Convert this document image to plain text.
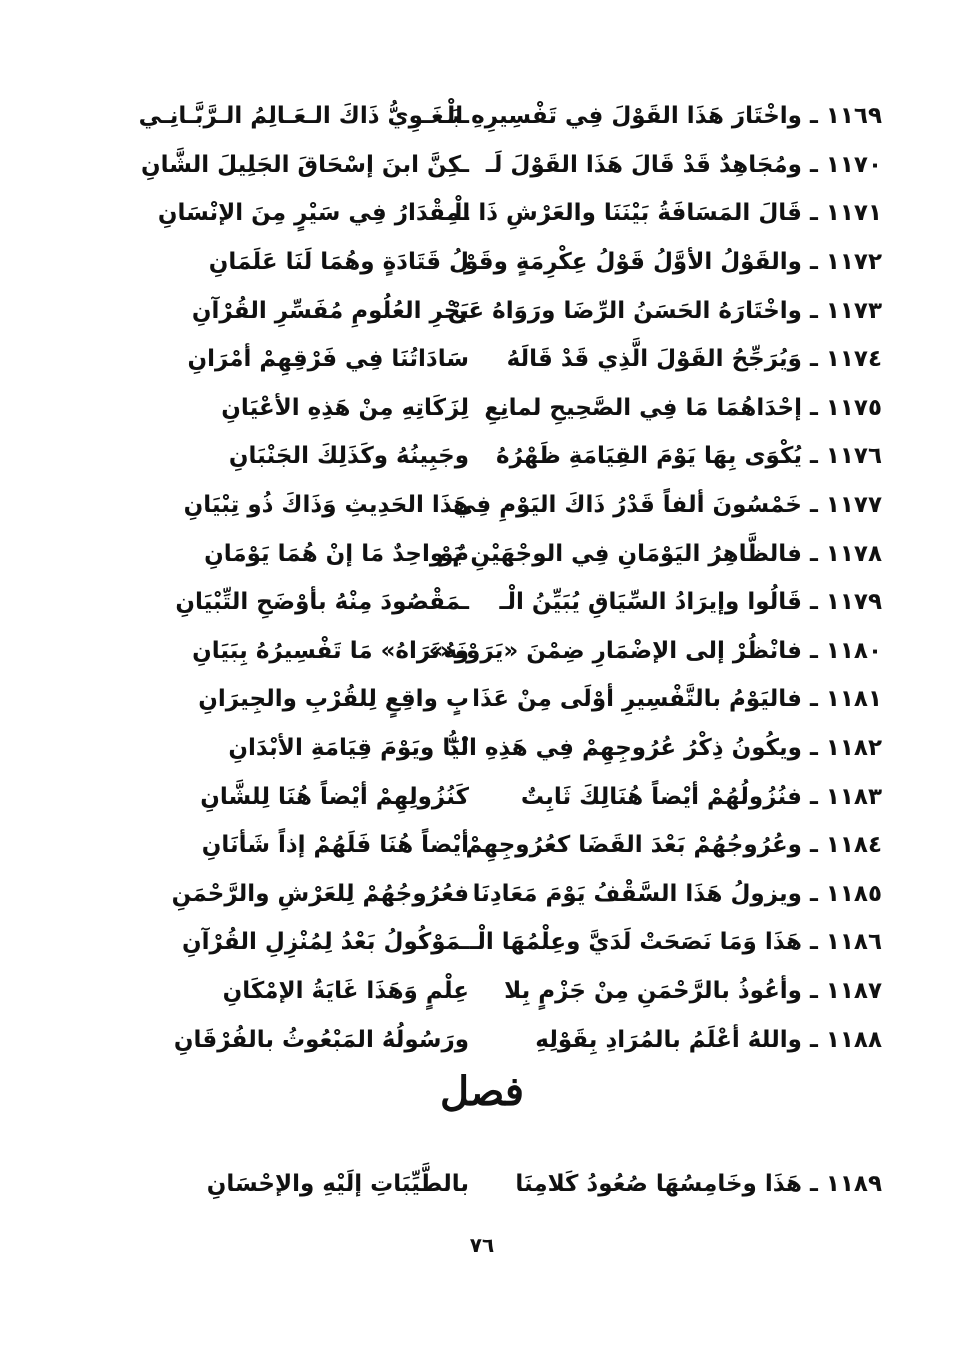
١١٦٩ ـ واخْتَارَ هَذَا القَوْلَ فِي تَفْسِيرِهِ الْـ
ـبَـغَـوِيُّ ذَاكَ الـعَـالِمُ الـرَّبَّـانِـي
١١٧٠ ـ ومُجَاهِدٌ قَدْ قَالَ هَذَا القَوْلَ لَـ
ـكِنَّ ابنَ إسْحَاقَ الجَلِيلَ الشَّانِ
١١٧١ ـ قَالَ المَسَافَةُ بَيْنَنَا والعَرْشِ ذَا الْـ
ـمِقْدَارُ فِي سَيْرٍ مِنَ الإنْسَانِ
١١٧٢ ـ والقَوْلُ الأوَّلُ قَوْلُ عِكْرِمَةٍ وقَوْ
لُ قَتَادَةٍ وهُمَا لَنَا عَلَمَانِ
١١٧٣ ـ واخْتَارَهُ الحَسَنُ الرِّضَا ورَوَاهُ عَنْ
بَحْرِ العُلُومِ مُفَسِّرِ القُرْآنِ
١١٧٤ ـ وَيُرَجِّحُ القَوْلَ الَّذِي قَدْ قَالَهُ
سَادَاتُنَا فِي فَرْقِهِمْ أمْرَانِ
١١٧٥ ـ إحْدَاهُمَا مَا فِي الصَّحِيحِ لمانِعِ
لِزَكَاتِهِ مِنْ هَذِهِ الأعْيَانِ
١١٧٦ ـ يُكْوَى بِهَا يَوْمَ القِيَامَةِ ظَهْرُهُ
وجَبِينُهُ وكَذَلِكَ الجَنْبَانِ
١١٧٧ ـ خَمْسُونَ ألفاً قَدْرُ ذَاكَ اليَوْمِ فِي
هَذَا الحَدِيثِ وَذَاكَ ذُو تِبْيَانِ
١١٧٨ ـ فالظَّاهِرُ اليَوْمَانِ فِي الوجْهَيْنِ يَوْ
مٌ واحِدٌ مَا إنْ هُمَا يَوْمَانِ
١١٧٩ ـ قَالُوا وإيرَادُ السِّيَاقِ يُبَيِّنُ الْـ
ـمَقْصُودَ مِنْهُ بأوْضَحِ التِّبْيَانِ
١١٨٠ ـ فانْظُرْ إلى الإضْمَارِ ضِمْنَ «يَرَوْنَهُ»
و«نَرَاهُ» مَا تَفْسِيرُهُ بِبَيَانِ
١١٨١ ـ فاليَوْمُ بالتَّفْسِيرِ أوْلَى مِنْ عَذَا
بٍ واقِعٍ لِلقُرْبِ والجِيرَانِ
١١٨٢ ـ ويكُونُ ذِكْرُ عُرُوجِهِمْ فِي هَذِهِ الدُّ
نْيَا ويَوْمَ قِيَامَةِ الأبْدَانِ
١١٨٣ ـ فنُزُولُهُمْ أيْضاً هُنَالِكَ ثَابِتٌ
كَنُزُولِهِمْ أيْضاً هُنَا لِلشَّانِ
١١٨٤ ـ وعُرُوجُهُمْ بَعْدَ القَضَا كعُرُوجِهِمْ
أيْضاً هُنَا فَلَهُمْ إذاً شَأنَانِ
١١٨٥ ـ ويزولُ هَذَا السَّقْفُ يَوْمَ مَعَادِنَا
فعُرُوجُهُمْ لِلعَرْشِ والرَّحْمَنِ
١١٨٦ ـ هَذَا وَمَا نَصَحَتْ لَدَيَّ وعِلْمُهَا الْـ
ـمَوْكُولُ بَعْدُ لِمُنْزِلِ القُرْآنِ
١١٨٧ ـ وأعُوذُ بالرَّحْمَنِ مِنْ جَزْمٍ بِلا
عِلْمٍ وَهَذَا غَايَةُ الإمْكَانِ
١١٨٨ ـ واللهُ أعْلَمُ بالمُرَادِ بِقَوْلِهِ
ورَسُولُهُ المَبْعُوثُ بالفُرْقَانِ
فصل
١١٨٩ ـ هَذَا وخَامِسُهَا صُعُودُ كَلامِنَا
بالطَّيِّبَاتِ إلَيْهِ والإحْسَانِ
٧٦
